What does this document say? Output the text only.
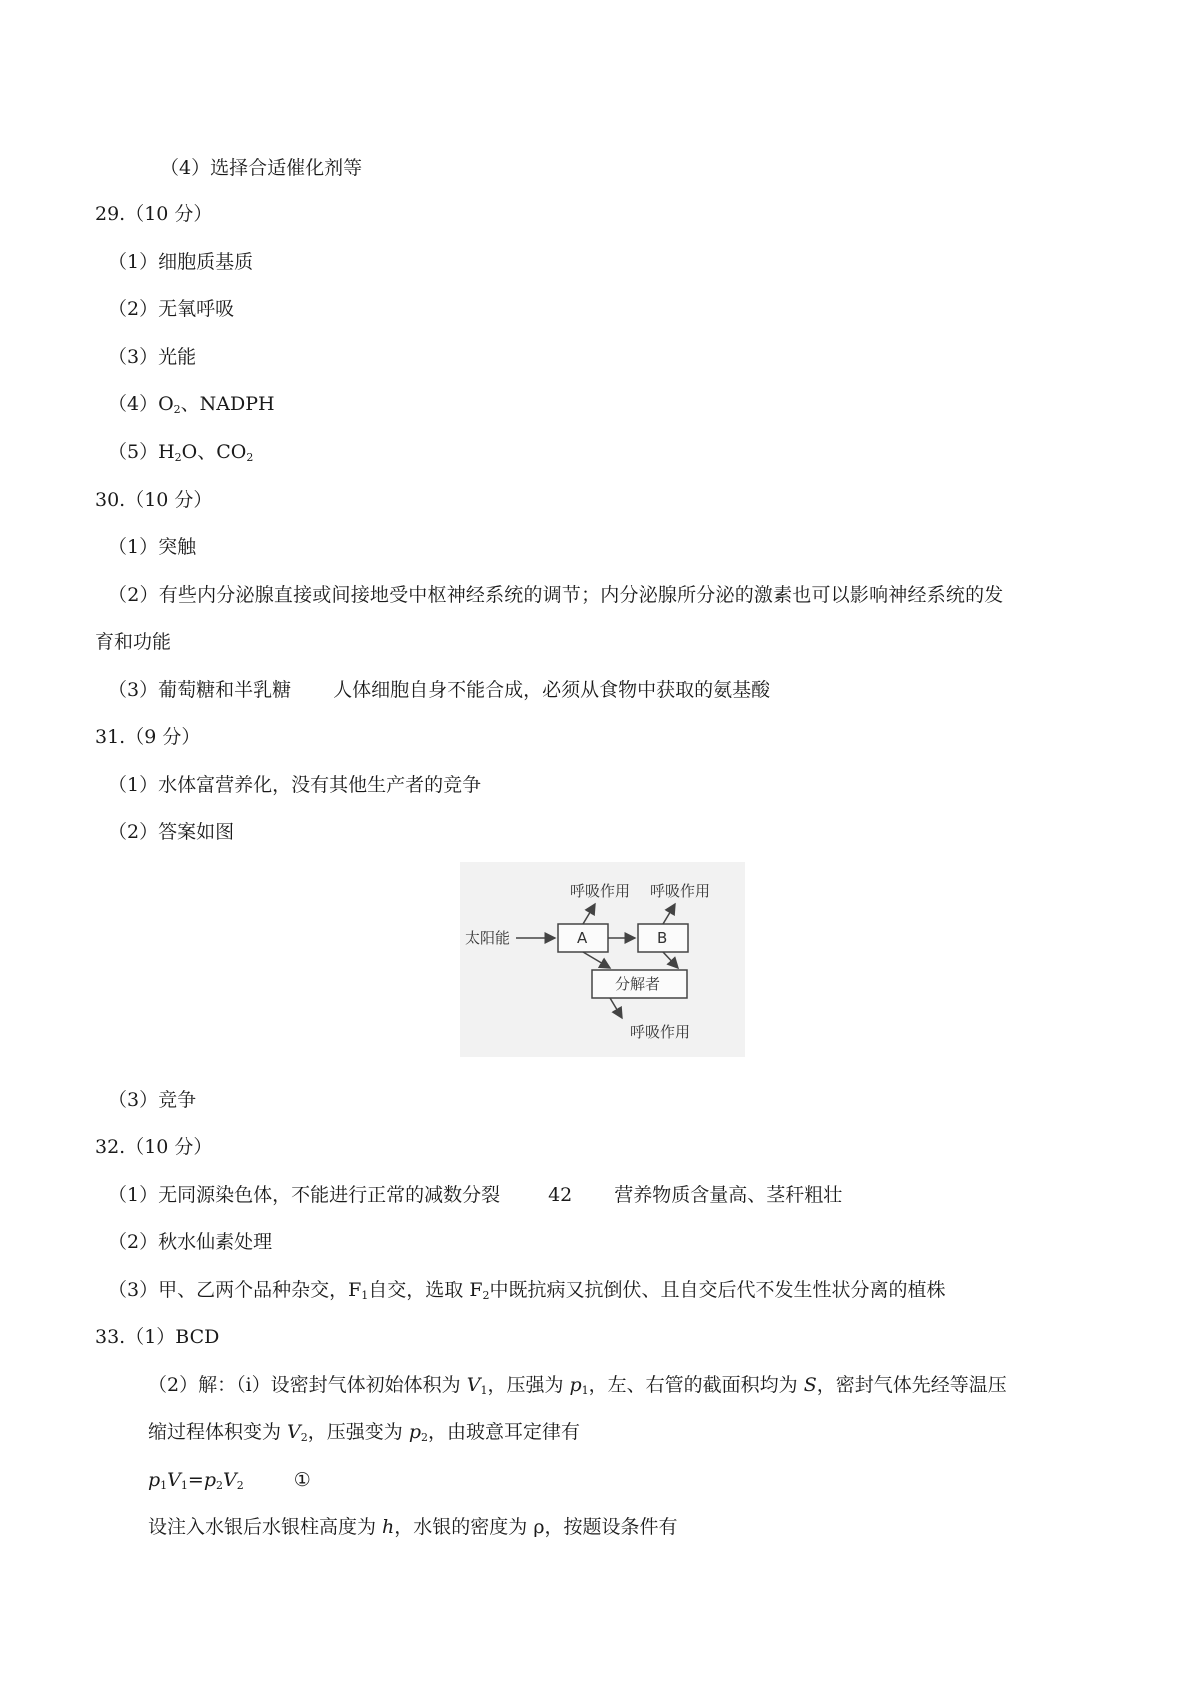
（4）选择合适催化剂等
29.（10 分）
（1）细胞质基质
（2）无氧呼吸
（3）光能
$(4)O_2$、NADPH
$(5)H_2O$、$CO_2$
30.（10 分）
（1）突触
（2）有些内分泌腺直接或间接地受中枢神经系统的调节；内分泌腺所分泌的激素也可以影响神经系统的发
育和功能
（3）葡萄糖和半乳糖 人体细胞自身不能合成，必须从食物中获取的氨基酸
31.（9 分）
（1）水体富营养化，没有其他生产者的竞争
（2）答案如图
呼吸作用 呼吸作用
太阳能	A	B
分解者
呼吸作用
（3）竞争
32.（10 分）
（1）无同源染色体，不能进行正常的减数分裂	42 营养物质含量高、茎秆粗壮
（2）秋水仙素处理
（3）甲、乙两个品种杂交，$F_1$自交，选取 $F_2$中既抗病又抗倒伏、且自交后代不发生性状分离的植株
33.（1）BCD
（2）解：（i）设密封气体初始体积为 $V_1$，压强为 $p_1$，左、右管的截面积均为 S，密封气体先经等温压
缩过程体积变为 $V_2$，压强变为 $p_2$，由玻意耳定律有
$p_1V_1=p_2V_2$	①
设注入水银后水银柱高度为 h，水银的密度为 ρ，按题设条件有
